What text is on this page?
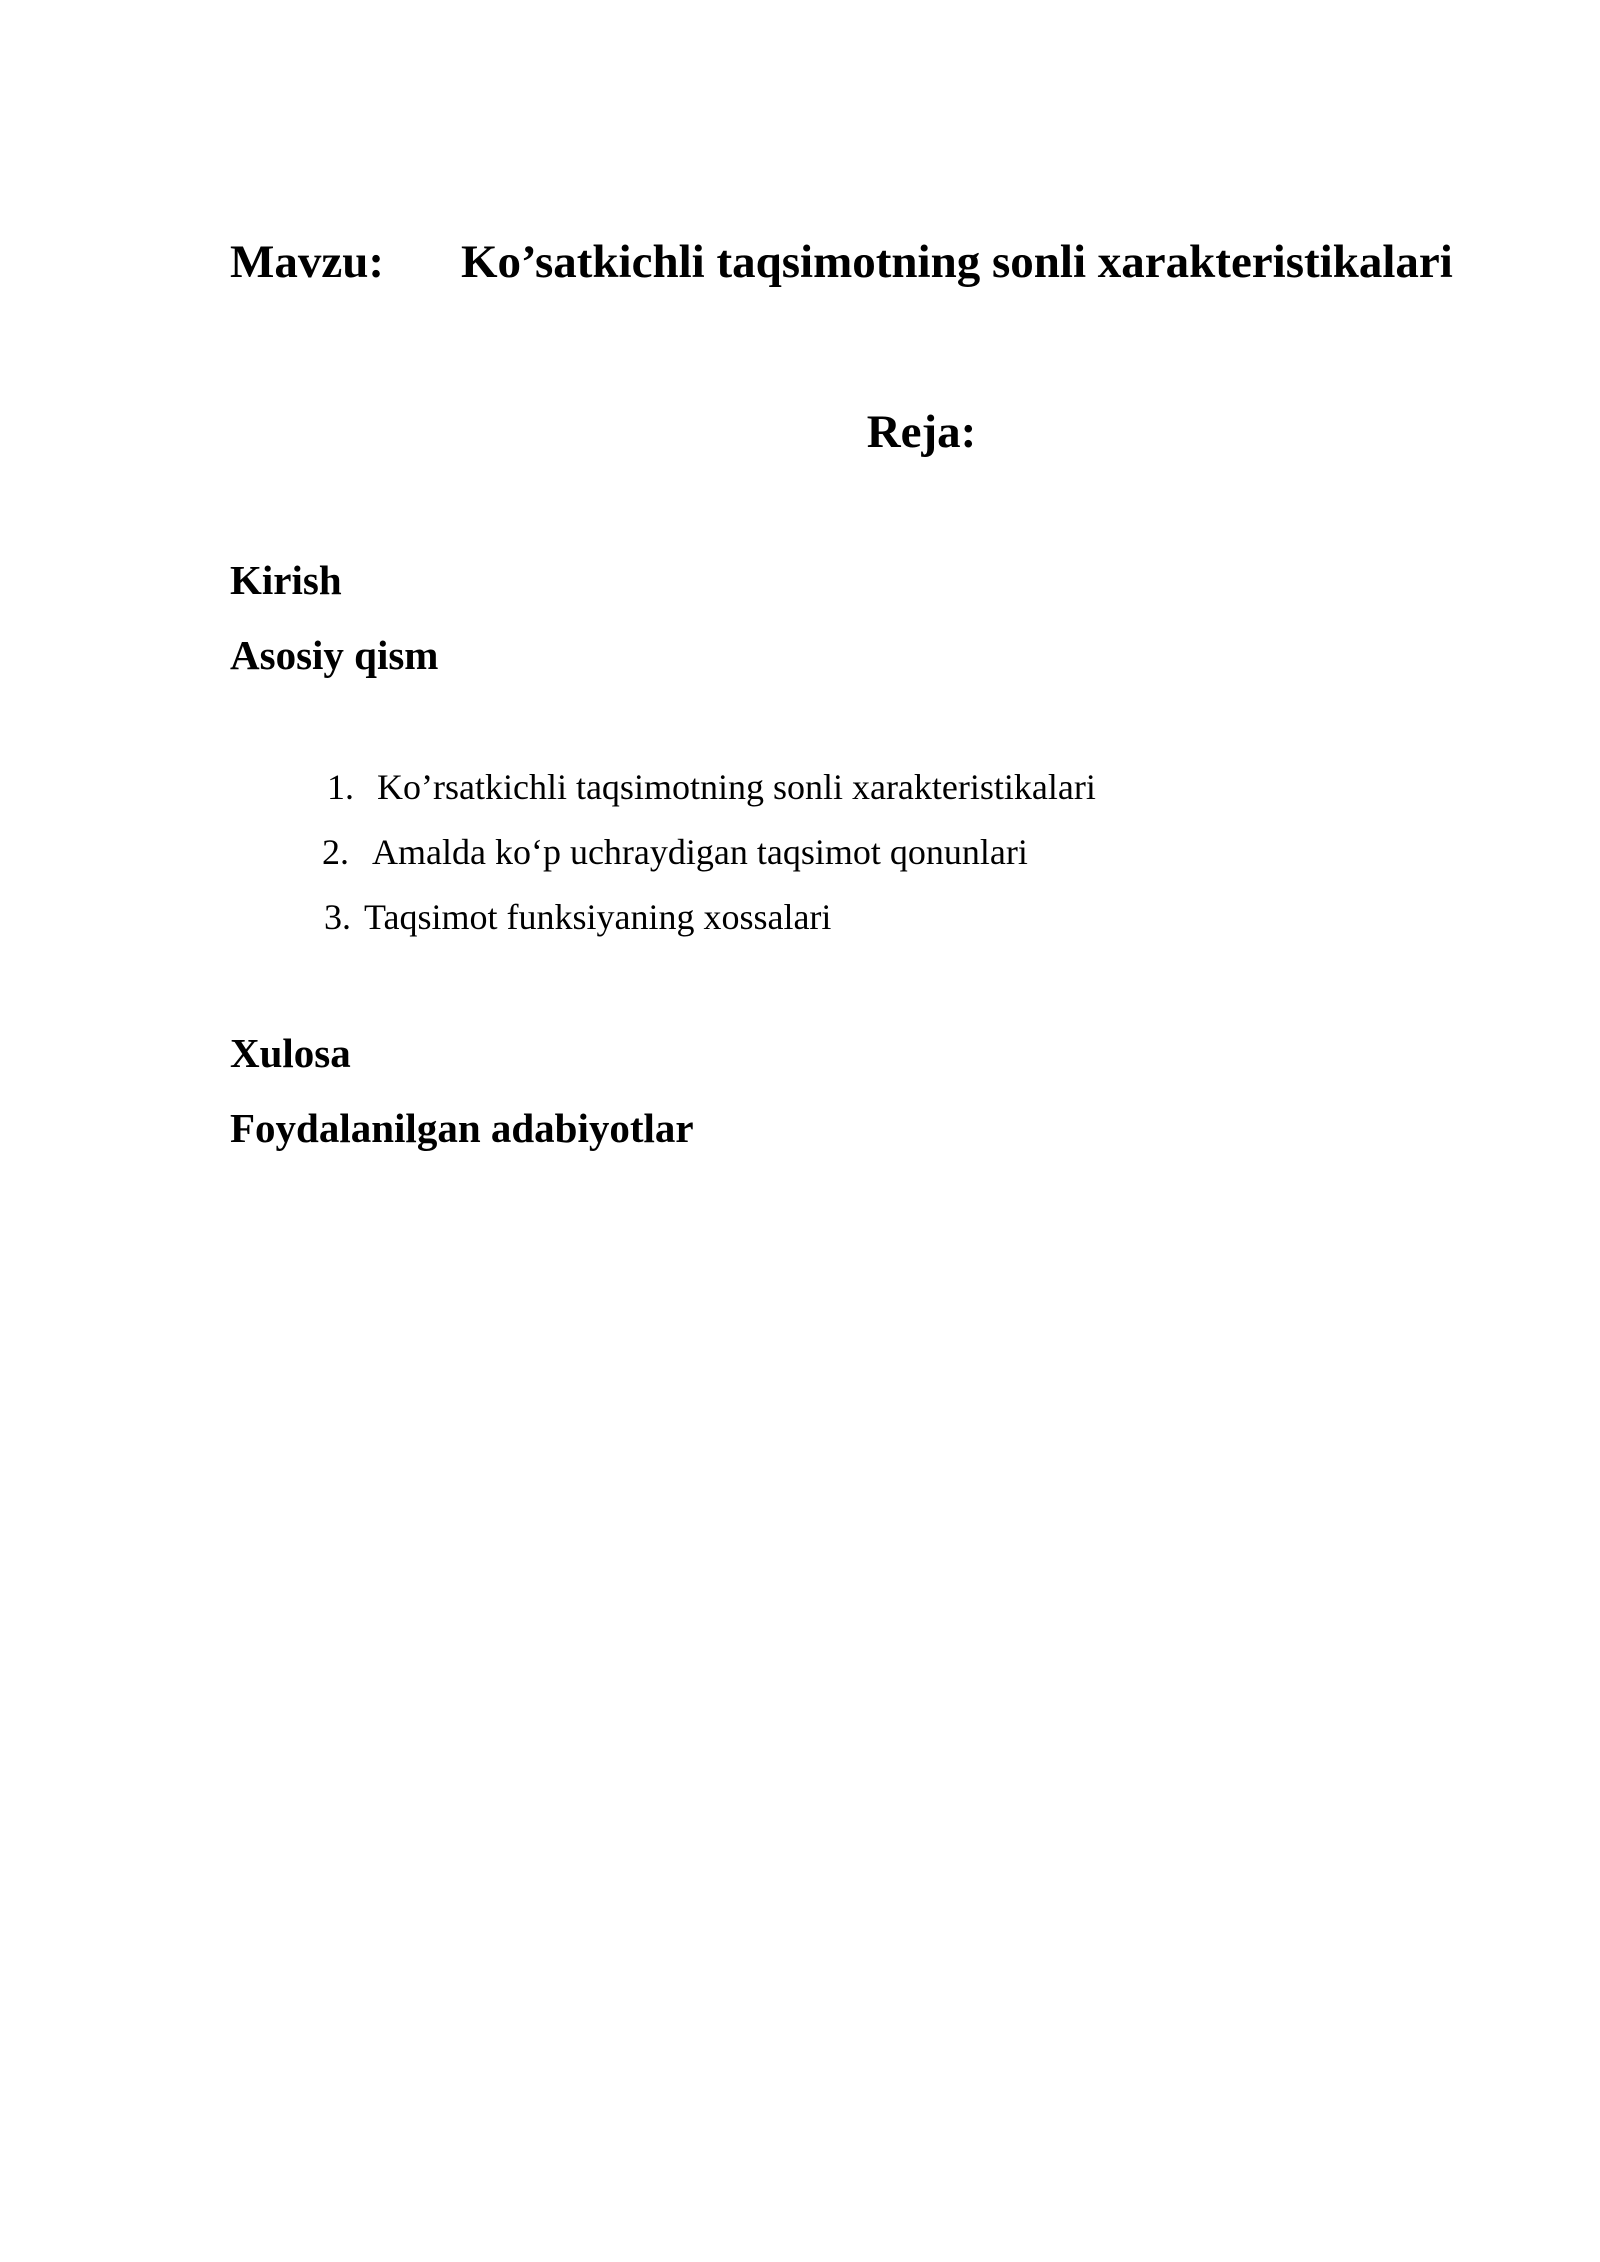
Mavzu: Ko’satkichli taqsimotning sonli xarakteristikalari
Reja:
Kirish
Asosiy qism
1. Ko’rsatkichli taqsimotning sonli xarakteristikalari
2. Amalda ko‘p uchraydigan taqsimot qonunlari
3. Taqsimot funksiyaning xossalari
Xulosa
Foydalanilgan adabiyotlar
